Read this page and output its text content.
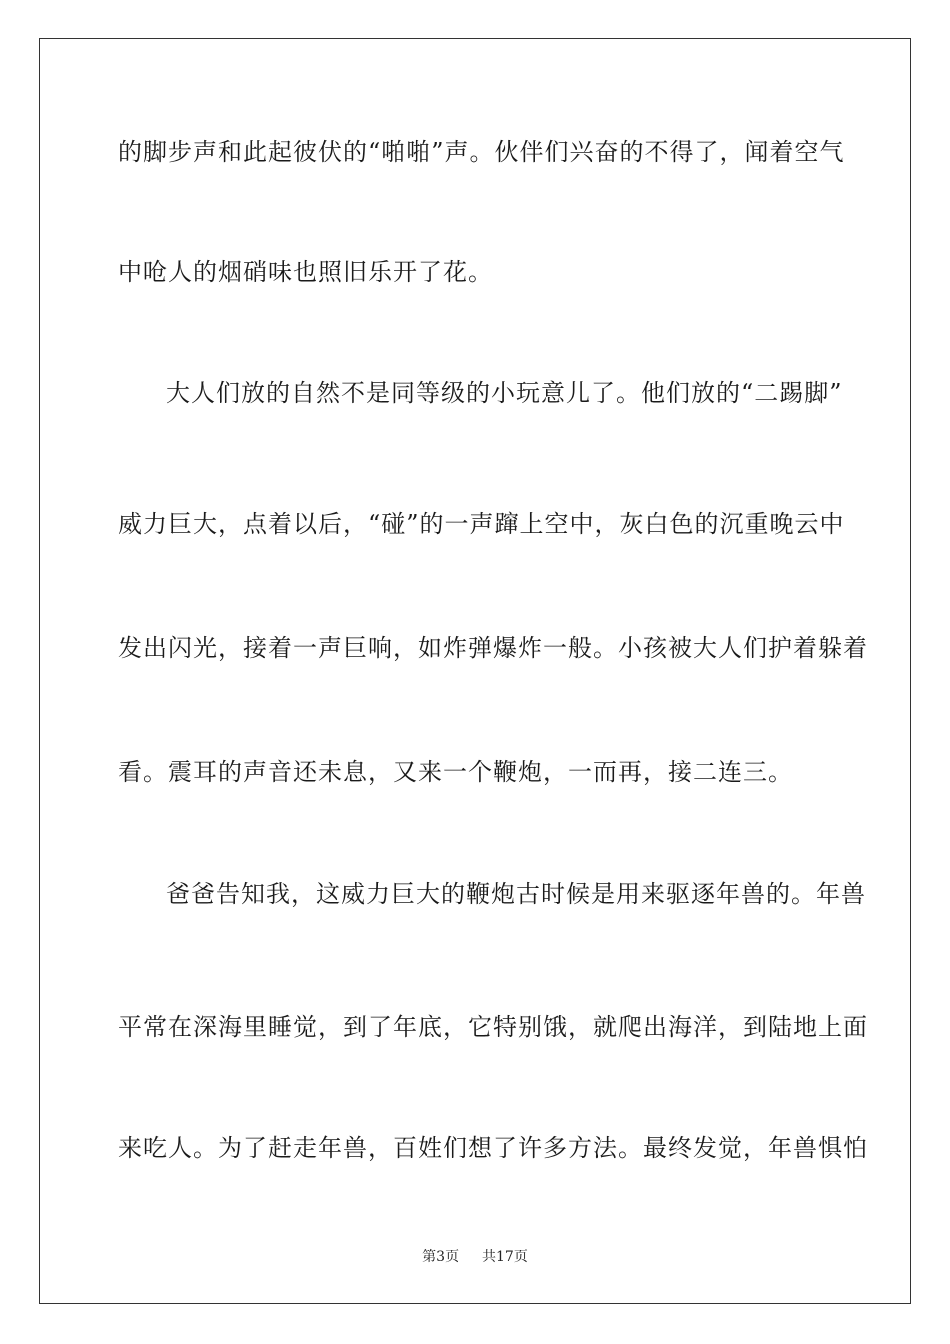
的脚步声和此起彼伏的“啪啪”声。伙伴们兴奋的不得了，闻着空气
中呛人的烟硝味也照旧乐开了花。
大人们放的自然不是同等级的小玩意儿了。他们放的“二踢脚”
威力巨大，点着以后，“碰”的一声蹿上空中，灰白色的沉重晚云中
发出闪光，接着一声巨响，如炸弹爆炸一般。小孩被大人们护着躲着
看。震耳的声音还未息，又来一个鞭炮，一而再，接二连三。
爸爸告知我，这威力巨大的鞭炮古时候是用来驱逐年兽的。年兽
平常在深海里睡觉，到了年底，它特别饿，就爬出海洋，到陆地上面
来吃人。为了赶走年兽，百姓们想了许多方法。最终发觉，年兽惧怕
第3页 共17页
